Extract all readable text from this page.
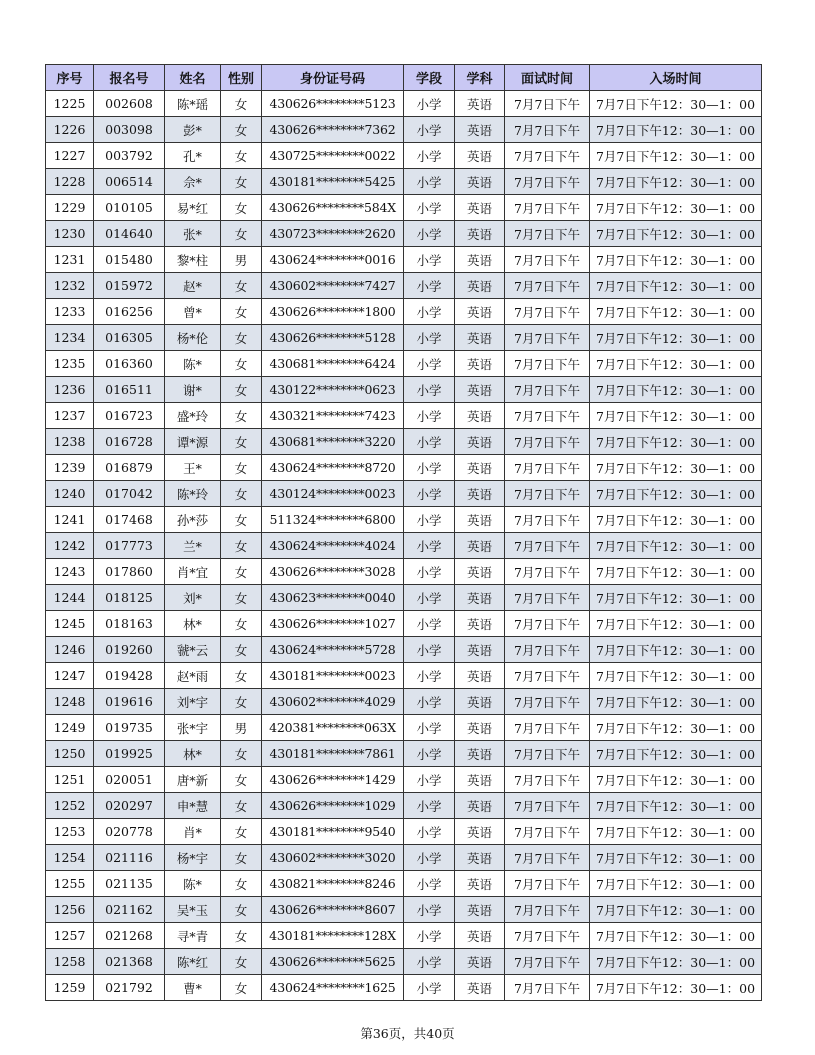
序号	报名号	姓名	性别	身份证号码	学段	学科	面试时间	入场时间
1225	002608	陈*瑶	女	430626********5123	小学	英语	7月7日下午	7月7日下午12：30—1：00
1226	003098	彭*	女	430626********7362	小学	英语	7月7日下午	7月7日下午12：30—1：00
1227	003792	孔*	女	430725********0022	小学	英语	7月7日下午	7月7日下午12：30—1：00
1228	006514	佘*	女	430181********5425	小学	英语	7月7日下午	7月7日下午12：30—1：00
1229	010105	易*红	女	430626********584X	小学	英语	7月7日下午	7月7日下午12：30—1：00
1230	014640	张*	女	430723********2620	小学	英语	7月7日下午	7月7日下午12：30—1：00
1231	015480	黎*柱	男	430624********0016	小学	英语	7月7日下午	7月7日下午12：30—1：00
1232	015972	赵*	女	430602********7427	小学	英语	7月7日下午	7月7日下午12：30—1：00
1233	016256	曾*	女	430626********1800	小学	英语	7月7日下午	7月7日下午12：30—1：00
1234	016305	杨*伦	女	430626********5128	小学	英语	7月7日下午	7月7日下午12：30—1：00
1235	016360	陈*	女	430681********6424	小学	英语	7月7日下午	7月7日下午12：30—1：00
1236	016511	谢*	女	430122********0623	小学	英语	7月7日下午	7月7日下午12：30—1：00
1237	016723	盛*玲	女	430321********7423	小学	英语	7月7日下午	7月7日下午12：30—1：00
1238	016728	谭*源	女	430681********3220	小学	英语	7月7日下午	7月7日下午12：30—1：00
1239	016879	王*	女	430624********8720	小学	英语	7月7日下午	7月7日下午12：30—1：00
1240	017042	陈*玲	女	430124********0023	小学	英语	7月7日下午	7月7日下午12：30—1：00
1241	017468	孙*莎	女	511324********6800	小学	英语	7月7日下午	7月7日下午12：30—1：00
1242	017773	兰*	女	430624********4024	小学	英语	7月7日下午	7月7日下午12：30—1：00
1243	017860	肖*宜	女	430626********3028	小学	英语	7月7日下午	7月7日下午12：30—1：00
1244	018125	刘*	女	430623********0040	小学	英语	7月7日下午	7月7日下午12：30—1：00
1245	018163	林*	女	430626********1027	小学	英语	7月7日下午	7月7日下午12：30—1：00
1246	019260	虢*云	女	430624********5728	小学	英语	7月7日下午	7月7日下午12：30—1：00
1247	019428	赵*雨	女	430181********0023	小学	英语	7月7日下午	7月7日下午12：30—1：00
1248	019616	刘*宇	女	430602********4029	小学	英语	7月7日下午	7月7日下午12：30—1：00
1249	019735	张*宇	男	420381********063X	小学	英语	7月7日下午	7月7日下午12：30—1：00
1250	019925	林*	女	430181********7861	小学	英语	7月7日下午	7月7日下午12：30—1：00
1251	020051	唐*新	女	430626********1429	小学	英语	7月7日下午	7月7日下午12：30—1：00
1252	020297	申*慧	女	430626********1029	小学	英语	7月7日下午	7月7日下午12：30—1：00
1253	020778	肖*	女	430181********9540	小学	英语	7月7日下午	7月7日下午12：30—1：00
1254	021116	杨*宇	女	430602********3020	小学	英语	7月7日下午	7月7日下午12：30—1：00
1255	021135	陈*	女	430821********8246	小学	英语	7月7日下午	7月7日下午12：30—1：00
1256	021162	吴*玉	女	430626********8607	小学	英语	7月7日下午	7月7日下午12：30—1：00
1257	021268	寻*青	女	430181********128X	小学	英语	7月7日下午	7月7日下午12：30—1：00
1258	021368	陈*红	女	430626********5625	小学	英语	7月7日下午	7月7日下午12：30—1：00
1259	021792	曹*	女	430624********1625	小学	英语	7月7日下午	7月7日下午12：30—1：00
第36页，共40页
